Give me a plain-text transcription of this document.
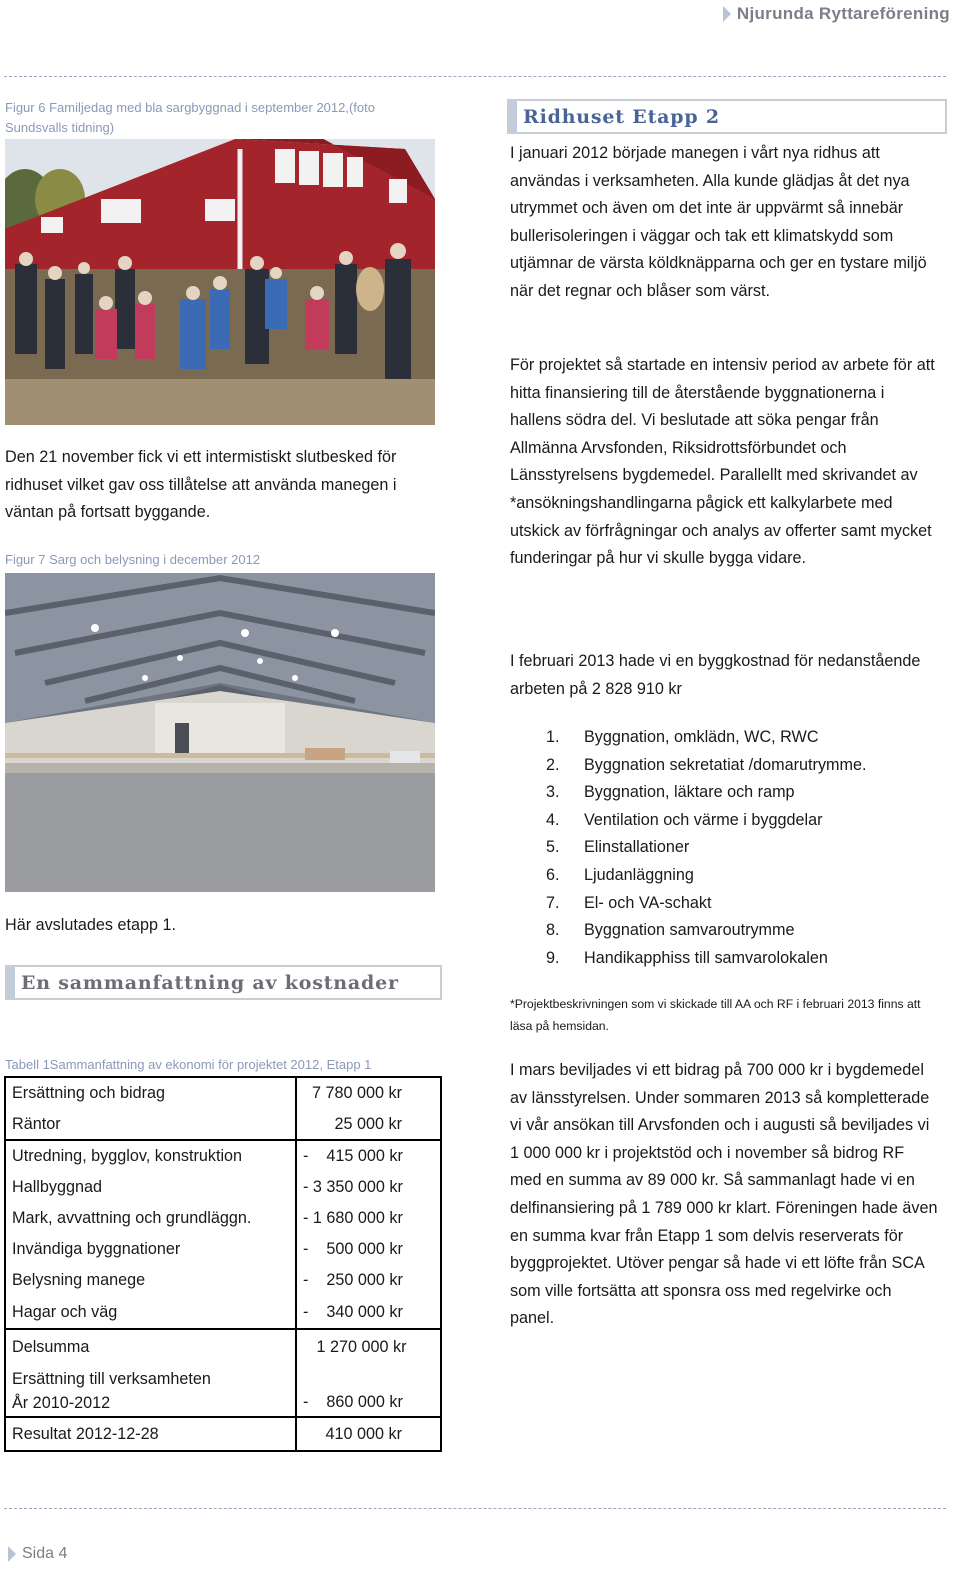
Njurunda Ryttareförening
Figur 6 Familjedag med bla sargbyggnad i september 2012,(foto Sundsvalls tidning)
Den 21 november fick vi ett intermistiskt slutbesked för ridhuset vilket gav oss tillåtelse att använda manegen i väntan på fortsatt byggande.
Figur 7 Sarg och belysning i december 2012
Här avslutades etapp 1.
En sammanfattning av kostnader
Tabell 1Sammanfattning av ekonomi för projektet 2012, Etapp 1
Ersättning och bidrag	7 780 000 kr
Räntor	25 000 kr
Utredning, bygglov, konstruktion	-    415 000 kr
Hallbyggnad	- 3 350 000 kr
Mark, avvattning och grundläggn.	- 1 680 000 kr
Invändiga byggnationer	-    500 000 kr
Belysning manege	-    250 000 kr
Hagar och väg	-    340 000 kr
Delsumma	1 270 000 kr

Ersättning till verksamheten
År 2010-2012	-    860 000 kr
Resultat 2012-12-28	410 000 kr
Ridhuset Etapp 2
I januari 2012 började manegen i vårt nya ridhus att användas i verksamheten. Alla kunde glädjas åt det nya utrymmet och även om det inte är uppvärmt så innebär bullerisoleringen i väggar och tak ett klimatskydd som utjämnar de värsta köldknäpparna och ger en tystare miljö när det regnar och blåser som värst.
För projektet så startade en intensiv period av arbete för att hitta finansiering till de återstående byggnationerna i hallens södra del. Vi beslutade att söka pengar från Allmänna Arvsfonden, Riksidrottsförbundet och Länsstyrelsens bygdemedel. Parallellt med skrivandet av *ansökningshandlingarna pågick ett kalkylarbete med utskick av förfrågningar och analys av offerter samt mycket funderingar på hur vi skulle bygga vidare.
I februari 2013 hade vi en byggkostnad för nedanstående arbeten på 2 828 910 kr
1.	Byggnation, omklädn, WC, RWC
2.	Byggnation sekretatiat /domarutrymme.
3.	Byggnation, läktare och ramp
4.	Ventilation och värme i byggdelar
5.	Elinstallationer
6.	Ljudanläggning
7.	El- och VA-schakt
8.	Byggnation samvaroutrymme
9.	Handikapphiss till samvarolokalen
*Projektbeskrivningen som vi skickade till AA och RF i februari 2013 finns att läsa på hemsidan.
I mars beviljades vi ett bidrag på 700 000 kr i bygdemedel av länsstyrelsen. Under sommaren 2013 så kompletterade vi vår ansökan till Arvsfonden och i augusti så beviljades vi 1 000 000 kr i projektstöd och i november så bidrog RF med en summa av 89 000 kr. Så sammanlagt hade vi en delfinansiering på 1 789 000 kr klart. Föreningen hade även en summa kvar från Etapp 1 som delvis reserverats för byggprojektet. Utöver pengar så hade vi ett löfte från SCA som ville fortsätta att sponsra oss med regelvirke och panel.
Sida 4
